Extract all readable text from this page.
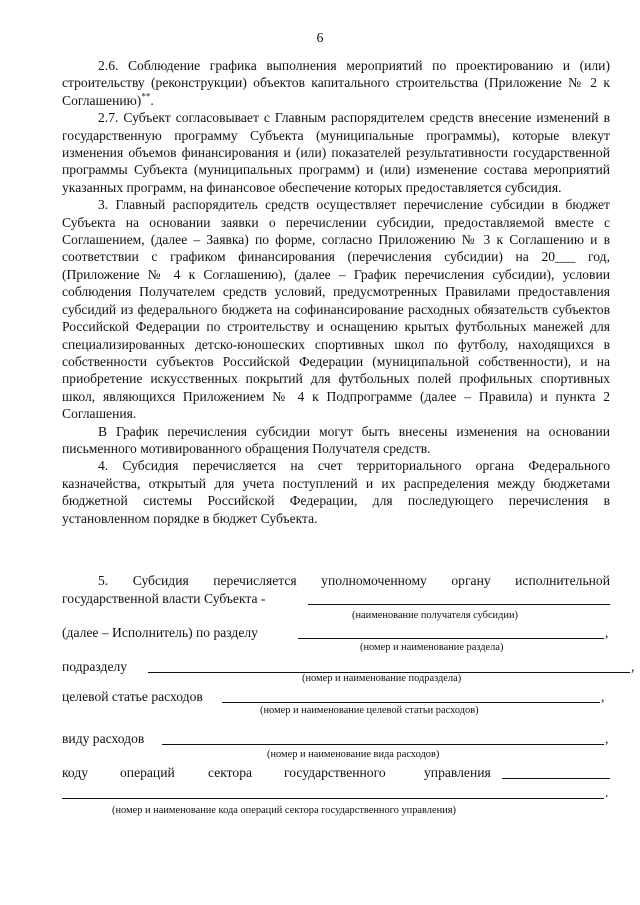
6

2.6. Соблюдение графика выполнения мероприятий по проектированию и (или) строительству (реконструкции) объектов капитального строительства (Приложение № 2 к Соглашению)**.

2.7. Субъект согласовывает с Главным распорядителем средств внесение изменений в государственную программу Субъекта (муниципальные программы), которые влекут изменения объемов финансирования и (или) показателей результативности государственной программы Субъекта (муниципальных программ) и (или) изменение состава мероприятий указанных программ, на финансовое обеспечение которых предоставляется субсидия.

3. Главный распорядитель средств осуществляет перечисление субсидии в бюджет Субъекта на основании заявки о перечислении субсидии, предоставляемой вместе с Соглашением, (далее – Заявка) по форме, согласно Приложению № 3 к Соглашению и в соответствии с графиком финансирования (перечисления субсидии) на 20___ год, (Приложение № 4 к Соглашению), (далее – График перечисления субсидии), условии соблюдения Получателем средств условий, предусмотренных Правилами предоставления субсидий из федерального бюджета на софинансирование расходных обязательств субъектов Российской Федерации по строительству и оснащению крытых футбольных манежей для специализированных детско-юношеских спортивных школ по футболу, находящихся в собственности субъектов Российской Федерации (муниципальной собственности), и на приобретение искусственных покрытий для футбольных полей профильных спортивных школ, являющихся Приложением № 4 к Подпрограмме (далее – Правила) и пункта 2 Соглашения.

В График перечисления субсидии могут быть внесены изменения на основании письменного мотивированного обращения Получателя средств.

4. Субсидия перечисляется на счет территориального органа Федерального казначейства, открытый для учета поступлений и их распределения между бюджетами бюджетной системы Российской Федерации, для последующего перечисления в установленном порядке в бюджет Субъекта.

5. Субсидия перечисляется уполномоченному органу исполнительной
государственной власти Субъекта -
(наименование получателя субсидии)
(далее – Исполнитель) по разделу	,
(номер и наименование раздела)
подразделу	,
(номер и наименование подраздела)
целевой статье расходов	,
(номер и наименование целевой статьи расходов)
виду расходов	,
(номер и наименование вида расходов)
коду операций сектора государственного	управления
.
(номер и наименование кода операций сектора государственного управления)
